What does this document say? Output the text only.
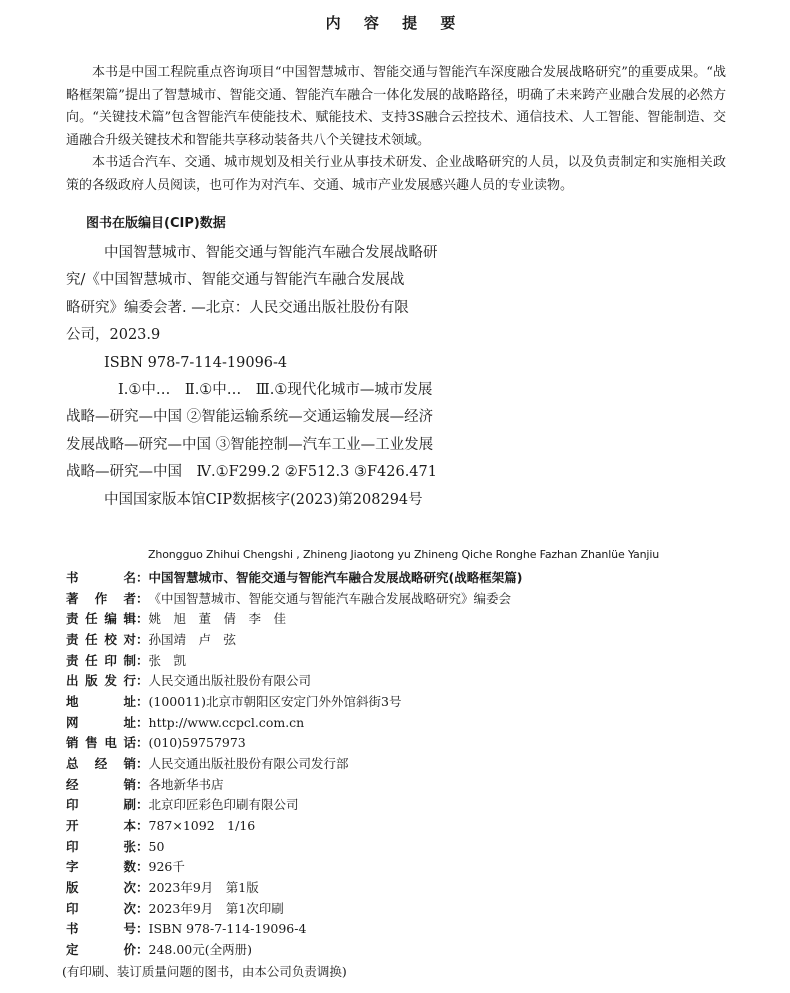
内 容 提 要

本书是中国工程院重点咨询项目“中国智慧城市、智能交通与智能汽车深度融合发展战略研究”的重要成果。“战略框架篇”提出了智慧城市、智能交通、智能汽车融合一体化发展的战略路径，明确了未来跨产业融合发展的必然方向。“关键技术篇”包含智能汽车使能技术、赋能技术、支持3S融合云控技术、通信技术、人工智能、智能制造、交通融合升级关键技术和智能共享移动装备共八个关键技术领域。

本书适合汽车、交通、城市规划及相关行业从事技术研发、企业战略研究的人员，以及负责制定和实施相关政策的各级政府人员阅读，也可作为对汽车、交通、城市产业发展感兴趣人员的专业读物。

图书在版编目(CIP)数据
中国智慧城市、智能交通与智能汽车融合发展战略研
究/《中国智慧城市、智能交通与智能汽车融合发展战
略研究》编委会著. —北京：人民交通出版社股份有限
公司，2023.9
ISBN 978-7-114-19096-4
Ⅰ.①中…　Ⅱ.①中…　Ⅲ.①现代化城市—城市发展
战略—研究—中国 ②智能运输系统—交通运输发展—经济
发展战略—研究—中国 ③智能控制—汽车工业—工业发展
战略—研究—中国　Ⅳ.①F299.2 ②F512.3 ③F426.471
中国国家版本馆CIP数据核字(2023)第208294号
Zhongguo Zhihui Chengshi , Zhineng Jiaotong yu Zhineng Qiche Ronghe Fazhan Zhanlüe Yanjiu
书　　名 ： 中国智慧城市、智能交通与智能汽车融合发展战略研究(战略框架篇)
著 作 者 ： 《中国智慧城市、智能交通与智能汽车融合发展战略研究》编委会
责任编辑 ： 姚　旭　董　倩　李　佳
责任校对 ： 孙国靖　卢　弦
责任印制 ： 张　凯
出版发行 ： 人民交通出版社股份有限公司
地　　址 ： (100011)北京市朝阳区安定门外外馆斜街3号
网　　址 ： http://www.ccpcl.com.cn
销售电话 ： (010)59757973
总 经 销 ： 人民交通出版社股份有限公司发行部
经　　销 ： 各地新华书店
印　　刷 ： 北京印匠彩色印刷有限公司
开　　本 ： 787×1092　1/16
印　　张 ： 50
字　　数 ： 926千
版　　次 ： 2023年9月　第1版
印　　次 ： 2023年9月　第1次印刷
书　　号 ： ISBN 978-7-114-19096-4
定　　价 ： 248.00元(全两册)
(有印刷、装订质量问题的图书，由本公司负责调换)
